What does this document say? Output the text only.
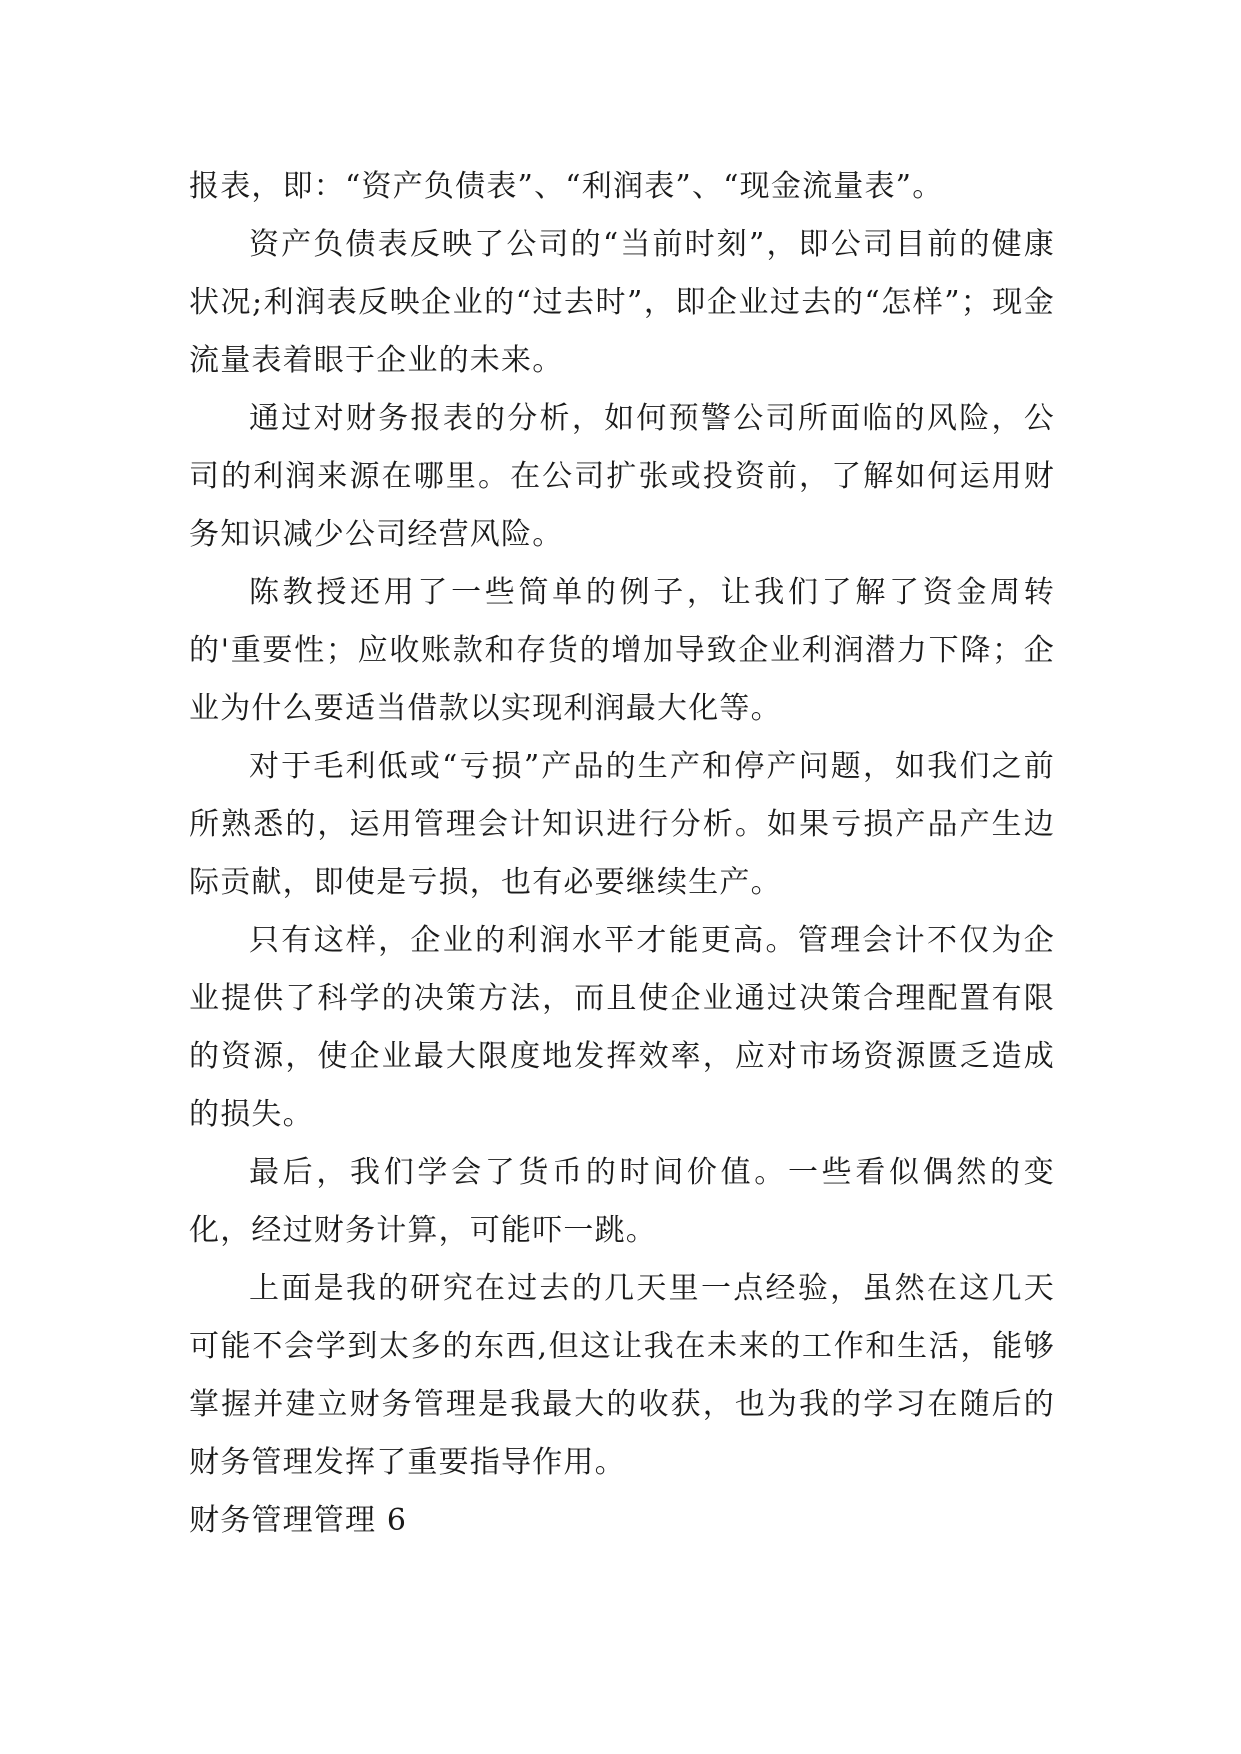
报表，即：“资产负债表”、“利润表”、“现金流量表”。

资产负债表反映了公司的“当前时刻”，即公司目前的健康状况;利润表反映企业的“过去时”，即企业过去的“怎样”；现金流量表着眼于企业的未来。

通过对财务报表的分析，如何预警公司所面临的风险，公司的利润来源在哪里。在公司扩张或投资前，了解如何运用财务知识减少公司经营风险。

陈教授还用了一些简单的例子，让我们了解了资金周转的'重要性；应收账款和存货的增加导致企业利润潜力下降；企业为什么要适当借款以实现利润最大化等。

对于毛利低或“亏损”产品的生产和停产问题，如我们之前所熟悉的，运用管理会计知识进行分析。如果亏损产品产生边际贡献，即使是亏损，也有必要继续生产。

只有这样，企业的利润水平才能更高。管理会计不仅为企业提供了科学的决策方法，而且使企业通过决策合理配置有限的资源，使企业最大限度地发挥效率，应对市场资源匮乏造成的损失。

最后，我们学会了货币的时间价值。一些看似偶然的变化，经过财务计算，可能吓一跳。

上面是我的研究在过去的几天里一点经验，虽然在这几天可能不会学到太多的东西,但这让我在未来的工作和生活，能够掌握并建立财务管理是我最大的收获，也为我的学习在随后的财务管理发挥了重要指导作用。

财务管理管理 6
